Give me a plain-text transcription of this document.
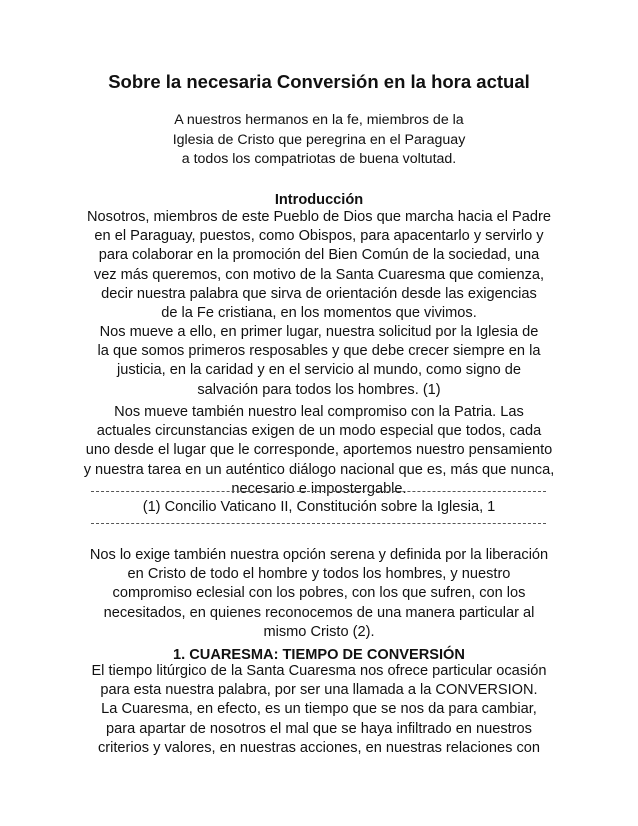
Sobre la necesaria Conversión en la hora actual
A nuestros hermanos en la fe, miembros de la
Iglesia de Cristo que peregrina en el Paraguay
a todos los compatriotas de buena voltutad.
Introducción
Nosotros, miembros de este Pueblo de Dios que marcha hacia el Padre
en el Paraguay, puestos, como Obispos, para apacentarlo y servirlo y
para colaborar en la promoción del Bien Común de la sociedad, una
vez más queremos, con motivo de la Santa Cuaresma que comienza,
decir nuestra palabra que sirva de orientación desde las exigencias
de la Fe cristiana, en los momentos que vivimos.
Nos mueve a ello, en primer lugar, nuestra solicitud por la Iglesia de
la que somos primeros resposables y que debe crecer siempre en la
justicia, en la caridad y en el servicio al mundo, como signo de
salvación para todos los hombres. (1)
Nos mueve también nuestro leal compromiso con la Patria. Las
actuales circunstancias exigen de un modo especial que todos, cada
uno desde el lugar que le corresponde, aportemos nuestro pensamiento
y nuestra tarea en un auténtico diálogo nacional que es, más que nunca,
necesario e impostergable.
(1) Concilio Vaticano II, Constitución sobre la Iglesia, 1
Nos lo exige también nuestra opción serena y definida por la liberación
en Cristo de todo el hombre y todos los hombres, y nuestro
compromiso eclesial con los pobres, con los que sufren, con los
necesitados, en quienes reconocemos de una manera particular al
mismo Cristo (2).
1. CUARESMA: TIEMPO DE CONVERSIÓN
El tiempo litúrgico de la Santa Cuaresma nos ofrece particular ocasión
para esta nuestra palabra, por ser una llamada a la CONVERSION.
La Cuaresma, en efecto, es un tiempo que se nos da para cambiar,
para apartar de nosotros el mal que se haya infiltrado en nuestros
criterios y valores, en nuestras acciones, en nuestras relaciones con
